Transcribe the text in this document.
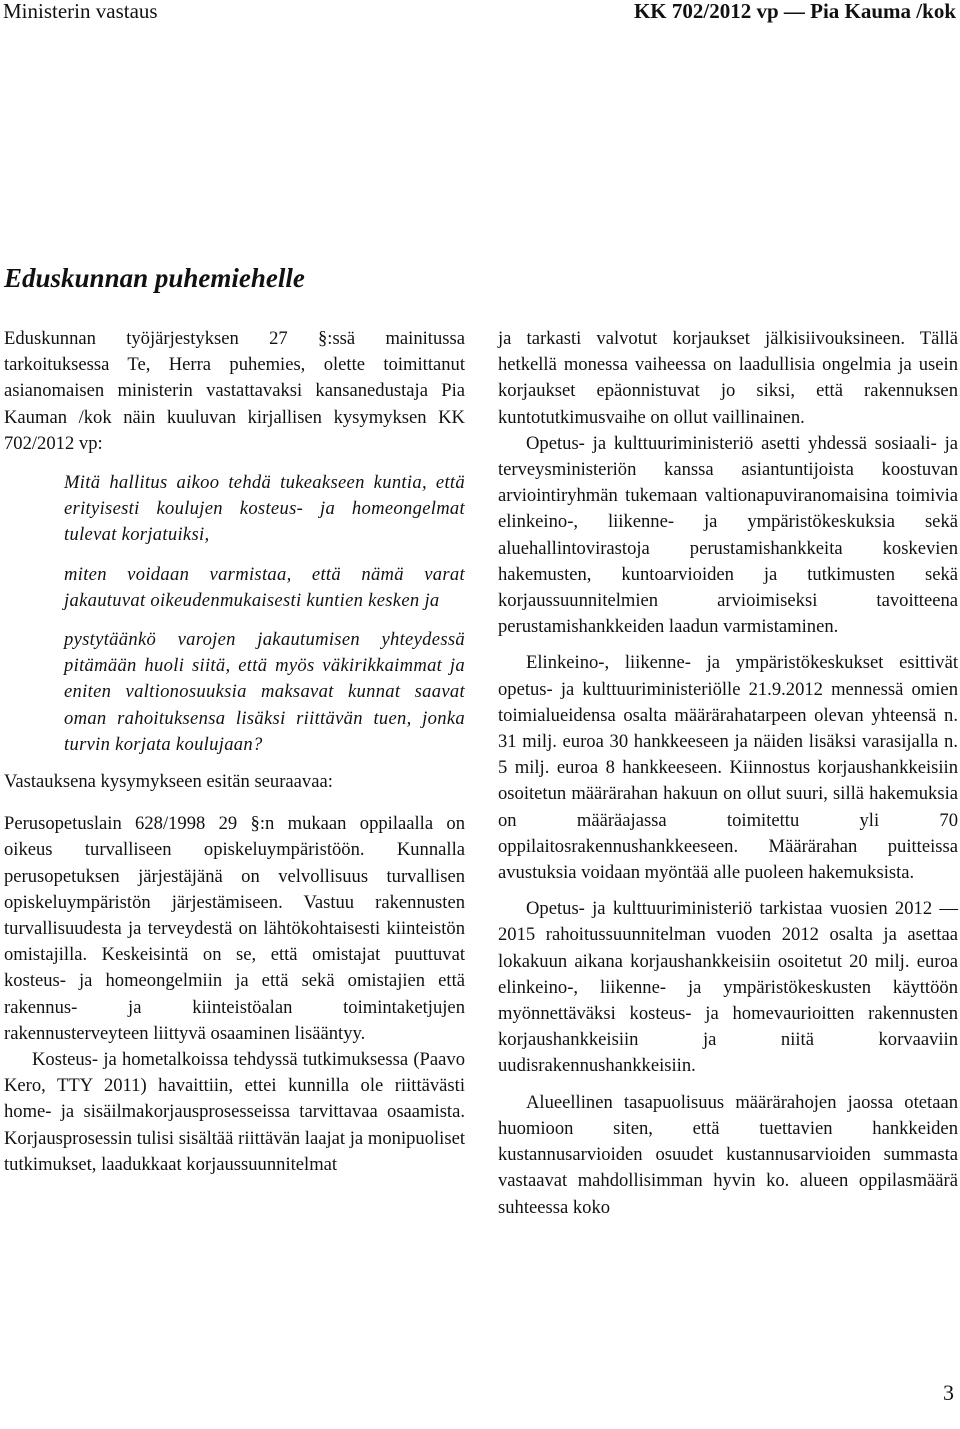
Ministerin vastaus	KK 702/2012 vp — Pia Kauma /kok
Eduskunnan puhemiehelle

Eduskunnan työjärjestyksen 27 §:ssä mainitussa tarkoituksessa Te, Herra puhemies, olette toimittanut asianomaisen ministerin vastattavaksi kansanedustaja Pia Kauman /kok näin kuuluvan kirjallisen kysymyksen KK 702/2012 vp:

Mitä hallitus aikoo tehdä tukeakseen kuntia, että erityisesti koulujen kosteus- ja homeongelmat tulevat korjatuiksi,

miten voidaan varmistaa, että nämä varat jakautuvat oikeudenmukaisesti kuntien kesken ja

pystytäänkö varojen jakautumisen yhteydessä pitämään huoli siitä, että myös väkirikkaimmat ja eniten valtionosuuksia maksavat kunnat saavat oman rahoituksensa lisäksi riittävän tuen, jonka turvin korjata koulujaan?

Vastauksena kysymykseen esitän seuraavaa:

Perusopetuslain 628/1998 29 §:n mukaan oppilaalla on oikeus turvalliseen opiskeluympäristöön. Kunnalla perusopetuksen järjestäjänä on velvollisuus turvallisen opiskeluympäristön järjestämiseen. Vastuu rakennusten turvallisuudesta ja terveydestä on lähtökohtaisesti kiinteistön omistajilla. Keskeisintä on se, että omistajat puuttuvat kosteus- ja homeongelmiin ja että sekä omistajien että rakennus- ja kiinteistöalan toimintaketjujen rakennusterveyteen liittyvä osaaminen lisääntyy.

Kosteus- ja hometalkoissa tehdyssä tutkimuksessa (Paavo Kero, TTY 2011) havaittiin, ettei kunnilla ole riittävästi home- ja sisäilmakorjausprosesseissa tarvittavaa osaamista. Korjausprosessin tulisi sisältää riittävän laajat ja monipuoliset tutkimukset, laadukkaat korjaussuunnitelmat

ja tarkasti valvotut korjaukset jälkisiivouksineen. Tällä hetkellä monessa vaiheessa on laadullisia ongelmia ja usein korjaukset epäonnistuvat jo siksi, että rakennuksen kuntotutkimusvaihe on ollut vaillinainen.

Opetus- ja kulttuuriministeriö asetti yhdessä sosiaali- ja terveysministeriön kanssa asiantuntijoista koostuvan arviointiryhmän tukemaan valtionapuviranomaisina toimivia elinkeino-, liikenne- ja ympäristökeskuksia sekä aluehallintovirastoja perustamishankkeita koskevien hakemusten, kuntoarvioiden ja tutkimusten sekä korjaussuunnitelmien arvioimiseksi tavoitteena perustamishankkeiden laadun varmistaminen.

Elinkeino-, liikenne- ja ympäristökeskukset esittivät opetus- ja kulttuuriministeriölle 21.9.2012 mennessä omien toimialueidensa osalta määrärahatarpeen olevan yhteensä n. 31 milj. euroa 30 hankkeeseen ja näiden lisäksi varasijalla n. 5 milj. euroa 8 hankkeeseen. Kiinnostus korjaushankkeisiin osoitetun määrärahan hakuun on ollut suuri, sillä hakemuksia on määräajassa toimitettu yli 70 oppilaitosrakennushankkeeseen. Määrärahan puitteissa avustuksia voidaan myöntää alle puoleen hakemuksista.

Opetus- ja kulttuuriministeriö tarkistaa vuosien 2012 — 2015 rahoitussuunnitelman vuoden 2012 osalta ja asettaa lokakuun aikana korjaushankkeisiin osoitetut 20 milj. euroa elinkeino-, liikenne- ja ympäristökeskusten käyttöön myönnettäväksi kosteus- ja homevaurioitten rakennusten korjaushankkeisiin ja niitä korvaaviin uudisrakennushankkeisiin.

Alueellinen tasapuolisuus määrärahojen jaossa otetaan huomioon siten, että tuettavien hankkeiden kustannusarvioiden osuudet kustannusarvioiden summasta vastaavat mahdollisimman hyvin ko. alueen oppilasmäärä suhteessa koko

3
